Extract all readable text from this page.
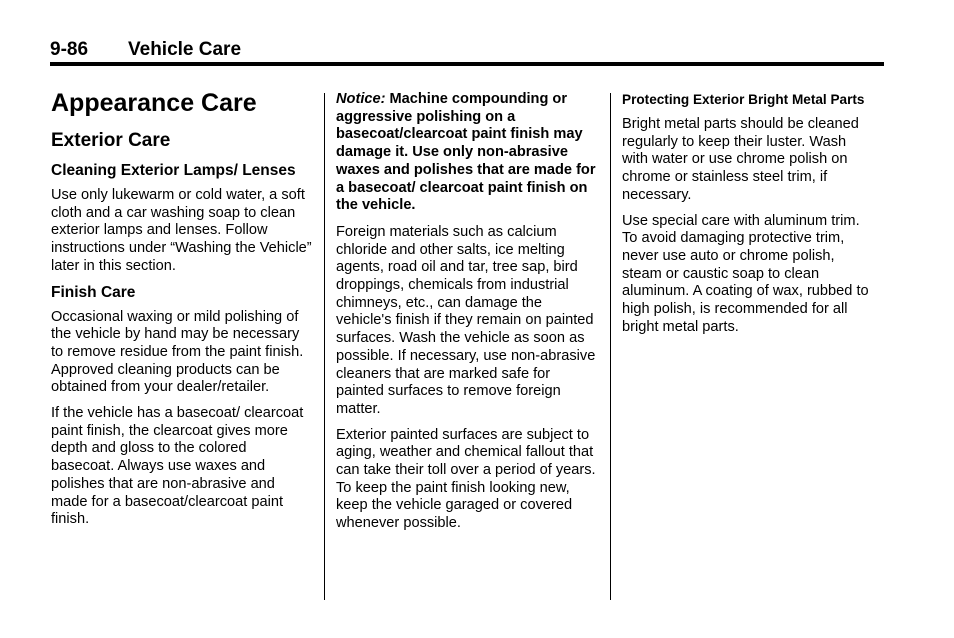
9-86 Vehicle Care
Appearance Care
Exterior Care
Cleaning Exterior Lamps/ Lenses

Use only lukewarm or cold water, a soft cloth and a car washing soap to clean exterior lamps and lenses. Follow instructions under “Washing the Vehicle” later in this section.

Finish Care

Occasional waxing or mild polishing of the vehicle by hand may be necessary to remove residue from the paint finish. Approved cleaning products can be obtained from your dealer/retailer.

If the vehicle has a basecoat/ clearcoat paint finish, the clearcoat gives more depth and gloss to the colored basecoat. Always use waxes and polishes that are non-abrasive and made for a basecoat/clearcoat paint finish.

Notice: Machine compounding or aggressive polishing on a basecoat/clearcoat paint finish may damage it. Use only non-abrasive waxes and polishes that are made for a basecoat/ clearcoat paint finish on the vehicle.

Foreign materials such as calcium chloride and other salts, ice melting agents, road oil and tar, tree sap, bird droppings, chemicals from industrial chimneys, etc., can damage the vehicle's finish if they remain on painted surfaces. Wash the vehicle as soon as possible. If necessary, use non-abrasive cleaners that are marked safe for painted surfaces to remove foreign matter.

Exterior painted surfaces are subject to aging, weather and chemical fallout that can take their toll over a period of years. To keep the paint finish looking new, keep the vehicle garaged or covered whenever possible.

Protecting Exterior Bright Metal Parts

Bright metal parts should be cleaned regularly to keep their luster. Wash with water or use chrome polish on chrome or stainless steel trim, if necessary.

Use special care with aluminum trim. To avoid damaging protective trim, never use auto or chrome polish, steam or caustic soap to clean aluminum. A coating of wax, rubbed to high polish, is recommended for all bright metal parts.
